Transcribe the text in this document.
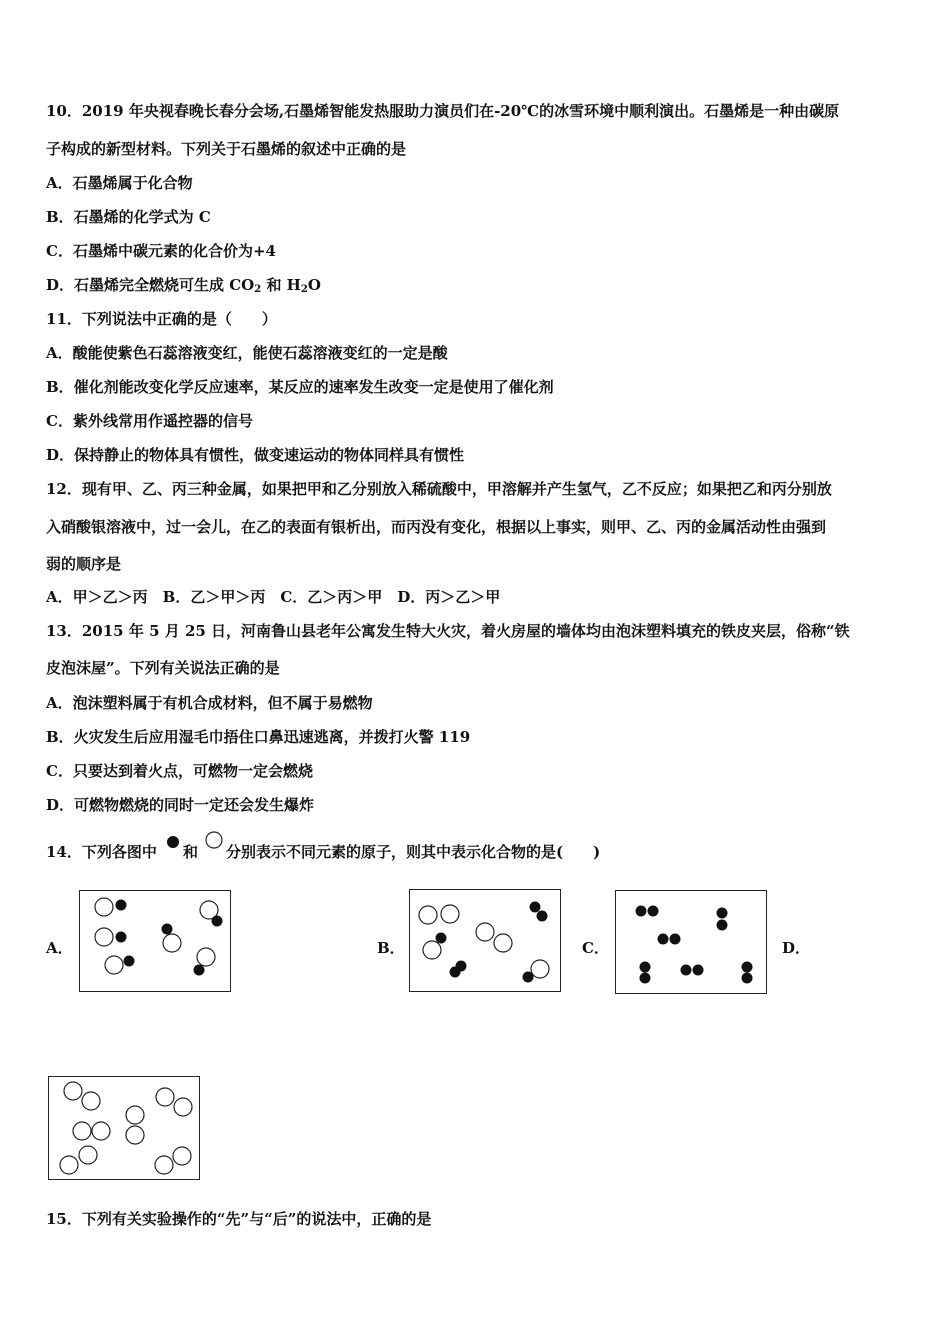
10．2019 年央视春晚长春分会场,石墨烯智能发热服助力演员们在-20℃的冰雪环境中顺利演出。石墨烯是一种由碳原
子构成的新型材料。下列关于石墨烯的叙述中正确的是
A．石墨烯属于化合物
B．石墨烯的化学式为 C
C．石墨烯中碳元素的化合价为+4
D．石墨烯完全燃烧可生成 $CO_2$ 和 $H_2O$
11．下列说法中正确的是（　　）
A．酸能使紫色石蕊溶液变红，能使石蕊溶液变红的一定是酸
B．催化剂能改变化学反应速率，某反应的速率发生改变一定是使用了催化剂
C．紫外线常用作遥控器的信号
D．保持静止的物体具有惯性，做变速运动的物体同样具有惯性
12．现有甲、乙、丙三种金属，如果把甲和乙分别放入稀硫酸中，甲溶解并产生氢气，乙不反应；如果把乙和丙分别放
入硝酸银溶液中，过一会儿，在乙的表面有银析出，而丙没有变化，根据以上事实，则甲、乙、丙的金属活动性由强到
弱的顺序是
A．甲＞乙＞丙　B．乙＞甲＞丙　C．乙＞丙＞甲　D．丙＞乙＞甲
13．2015 年 5 月 25 日，河南鲁山县老年公寓发生特大火灾，着火房屋的墙体均由泡沫塑料填充的铁皮夹层，俗称“铁
皮泡沫屋”。下列有关说法正确的是
A．泡沫塑料属于有机合成材料，但不属于易燃物
B．火灾发生后应用湿毛巾捂住口鼻迅速逃离，并拨打火警 119
C．只要达到着火点，可燃物一定会燃烧
D．可燃物燃烧的同时一定还会发生爆炸
14．下列各图中 和 分别表示不同元素的原子，则其中表示化合物的是(　　)
A．	B．	C．	D．
15．下列有关实验操作的“先”与“后”的说法中，正确的是
